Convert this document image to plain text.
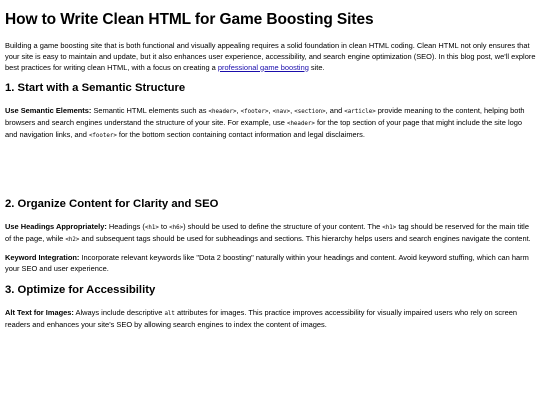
How to Write Clean HTML for Game Boosting Sites

Building a game boosting site that is both functional and visually appealing requires a solid foundation in clean HTML coding. Clean HTML not only ensures that your site is easy to maintain and update, but it also enhances user experience, accessibility, and search engine optimization (SEO). In this blog post, we'll explore best practices for writing clean HTML, with a focus on creating a professional game boosting site.

1. Start with a Semantic Structure

Use Semantic Elements: Semantic HTML elements such as <header>, <footer>, <nav>, <section>, and <article> provide meaning to the content, helping both browsers and search engines understand the structure of your site. For example, use <header> for the top section of your page that might include the site logo and navigation links, and <footer> for the bottom section containing contact information and legal disclaimers.

2. Organize Content for Clarity and SEO

Use Headings Appropriately: Headings (<h1> to <h6>) should be used to define the structure of your content. The <h1> tag should be reserved for the main title of the page, while <h2> and subsequent tags should be used for subheadings and sections. This hierarchy helps users and search engines navigate the content.

Keyword Integration: Incorporate relevant keywords like "Dota 2 boosting" naturally within your headings and content. Avoid keyword stuffing, which can harm your SEO and user experience.

3. Optimize for Accessibility

Alt Text for Images: Always include descriptive alt attributes for images. This practice improves accessibility for visually impaired users who rely on screen readers and enhances your site's SEO by allowing search engines to index the content of images.
